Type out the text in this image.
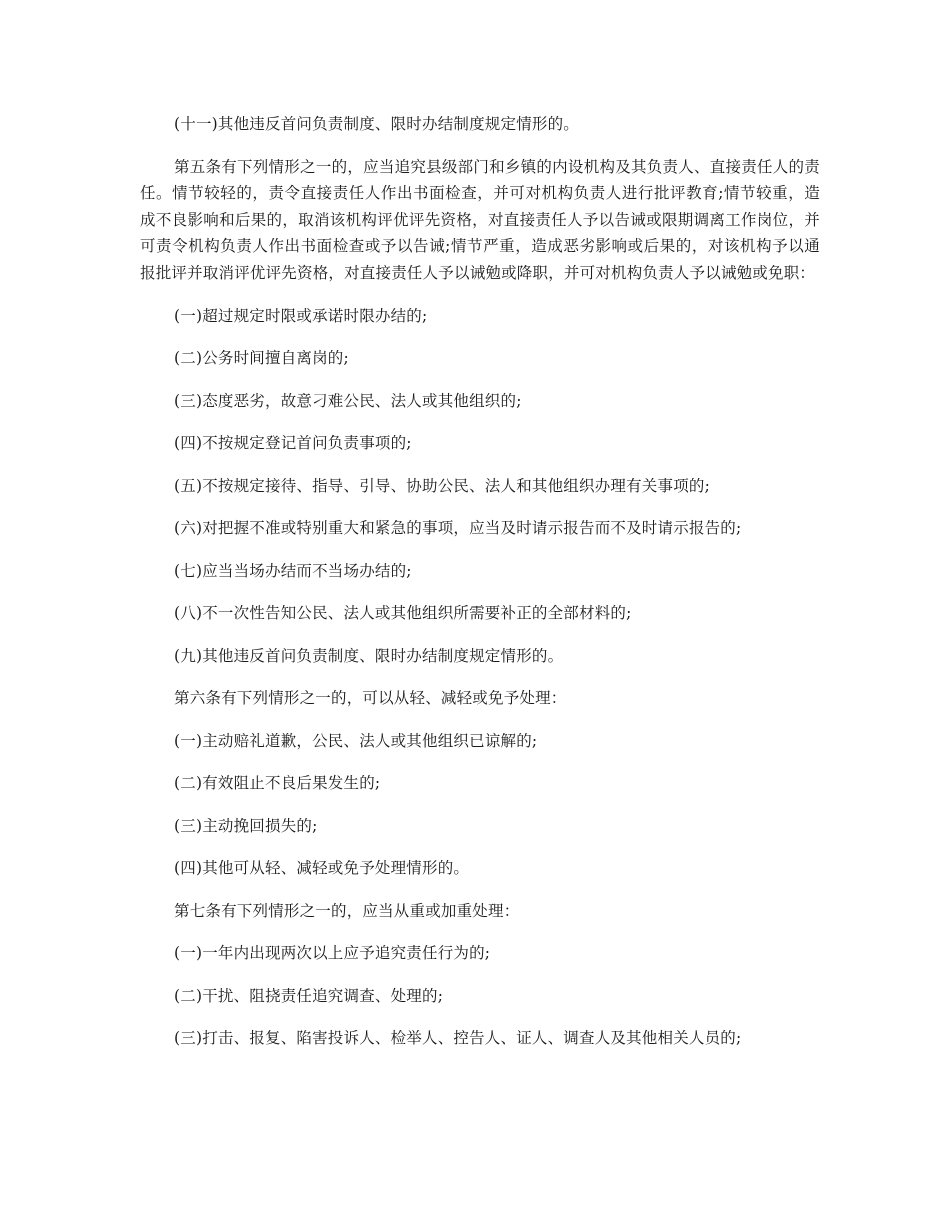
(十一)其他违反首问负责制度、限时办结制度规定情形的。

第五条有下列情形之一的，应当追究县级部门和乡镇的内设机构及其负责人、直接责任人的责任。情节较轻的，责令直接责任人作出书面检查，并可对机构负责人进行批评教育;情节较重，造成不良影响和后果的，取消该机构评优评先资格，对直接责任人予以告诫或限期调离工作岗位，并可责令机构负责人作出书面检查或予以告诫;情节严重，造成恶劣影响或后果的，对该机构予以通报批评并取消评优评先资格，对直接责任人予以诫勉或降职，并可对机构负责人予以诫勉或免职：

(一)超过规定时限或承诺时限办结的;

(二)公务时间擅自离岗的;

(三)态度恶劣，故意刁难公民、法人或其他组织的;

(四)不按规定登记首问负责事项的;

(五)不按规定接待、指导、引导、协助公民、法人和其他组织办理有关事项的;

(六)对把握不准或特别重大和紧急的事项，应当及时请示报告而不及时请示报告的;

(七)应当当场办结而不当场办结的;

(八)不一次性告知公民、法人或其他组织所需要补正的全部材料的;

(九)其他违反首问负责制度、限时办结制度规定情形的。

第六条有下列情形之一的，可以从轻、减轻或免予处理：

(一)主动赔礼道歉，公民、法人或其他组织已谅解的;

(二)有效阻止不良后果发生的;

(三)主动挽回损失的;

(四)其他可从轻、减轻或免予处理情形的。

第七条有下列情形之一的，应当从重或加重处理：

(一)一年内出现两次以上应予追究责任行为的;

(二)干扰、阻挠责任追究调查、处理的;

(三)打击、报复、陷害投诉人、检举人、控告人、证人、调查人及其他相关人员的;
